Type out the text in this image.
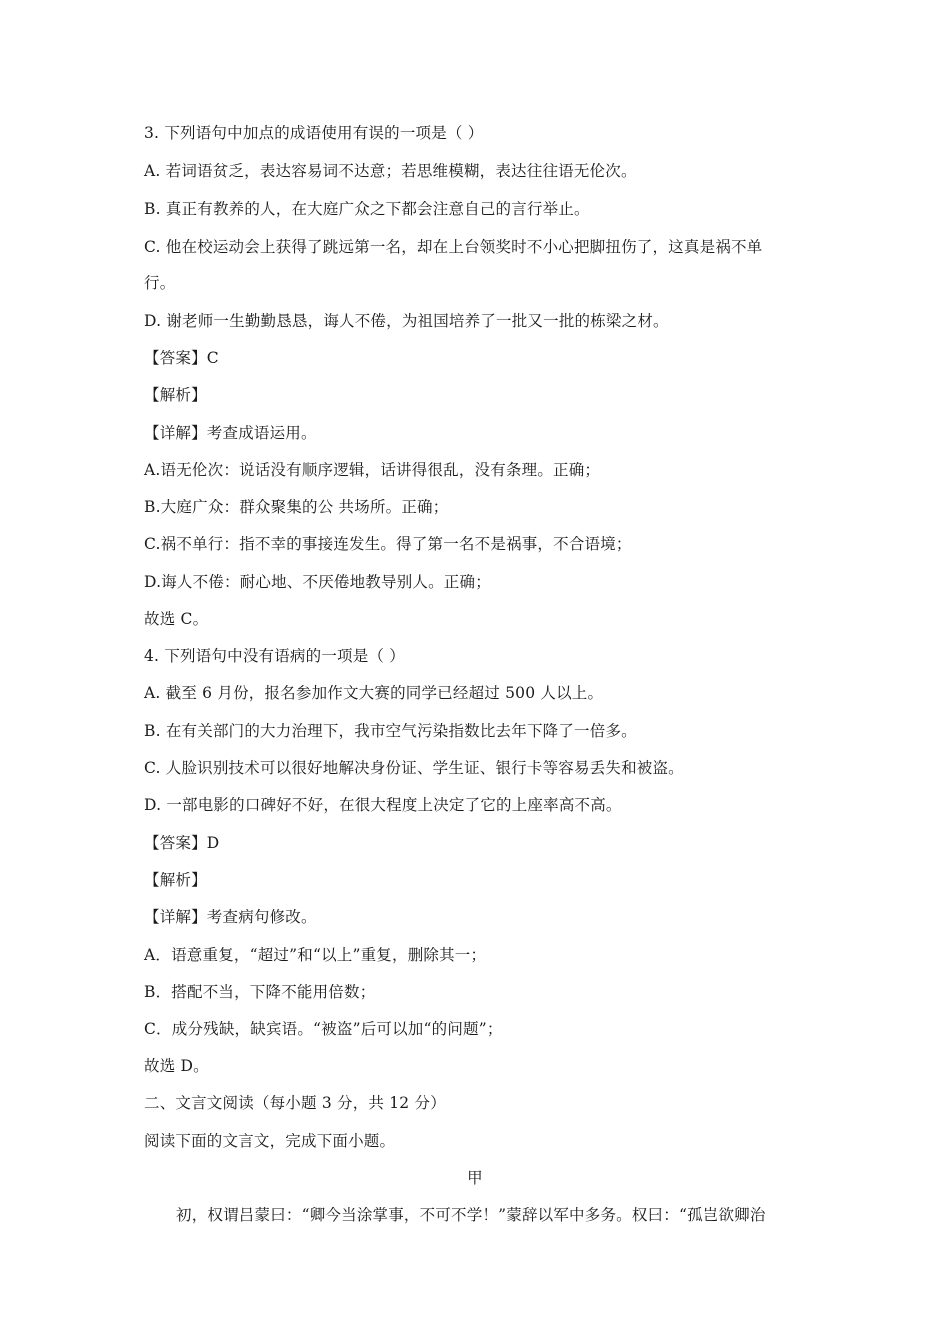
3. 下列语句中加点的成语使用有误的一项是（ ）
A. 若词语贫乏，表达容易词不达意；若思维模糊，表达往往语无伦次。
B. 真正有教养的人，在大庭广众之下都会注意自己的言行举止。
C. 他在校运动会上获得了跳远第一名，却在上台领奖时不小心把脚扭伤了，这真是祸不单
行。
D. 谢老师一生勤勤恳恳，诲人不倦，为祖国培养了一批又一批的栋梁之材。
【答案】C
【解析】
【详解】考查成语运用。
A.语无伦次：说话没有顺序逻辑，话讲得很乱，没有条理。正确；
B.大庭广众：群众聚集的公 共场所。正确；
C.祸不单行：指不幸的事接连发生。得了第一名不是祸事，不合语境；
D.诲人不倦：耐心地、不厌倦地教导别人。正确；
故选 C。
4. 下列语句中没有语病的一项是（ ）
A. 截至 6 月份，报名参加作文大赛的同学已经超过 500 人以上。
B. 在有关部门的大力治理下，我市空气污染指数比去年下降了一倍多。
C. 人脸识别技术可以很好地解决身份证、学生证、银行卡等容易丢失和被盗。
D. 一部电影的口碑好不好，在很大程度上决定了它的上座率高不高。
【答案】D
【解析】
【详解】考查病句修改。
A．语意重复，“超过”和“以上”重复，删除其一；
B．搭配不当，下降不能用倍数；
C．成分残缺，缺宾语。“被盗”后可以加“的问题”；
故选 D。
二、文言文阅读（每小题 3 分，共 12 分）
阅读下面的文言文，完成下面小题。
甲
初，权谓吕蒙曰：“卿今当涂掌事，不可不学！”蒙辞以军中多务。权曰：“孤岂欲卿治
